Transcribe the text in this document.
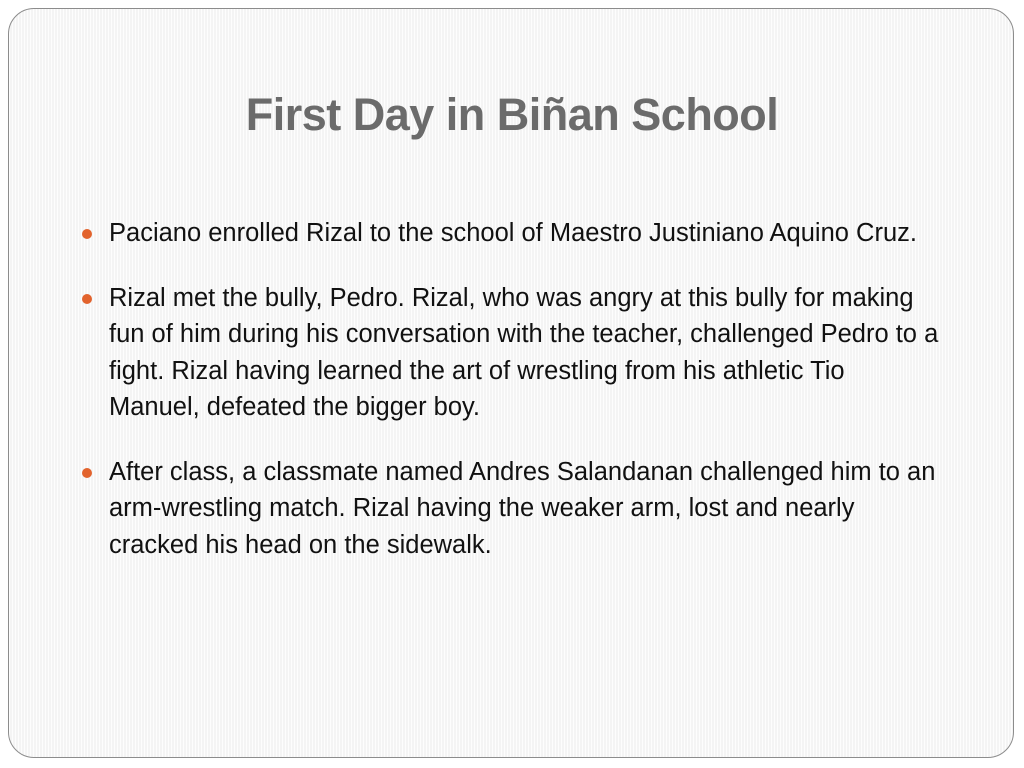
First Day in Biñan School
Paciano enrolled Rizal to the school of Maestro Justiniano Aquino Cruz.
Rizal met the bully, Pedro. Rizal, who was angry at this bully for making fun of him during his conversation with the teacher, challenged Pedro to a fight. Rizal having learned the art of wrestling from his athletic Tio Manuel, defeated the bigger boy.
After class, a classmate named Andres Salandanan challenged him to an arm-wrestling match. Rizal having the weaker arm, lost and nearly cracked his head on the sidewalk.
